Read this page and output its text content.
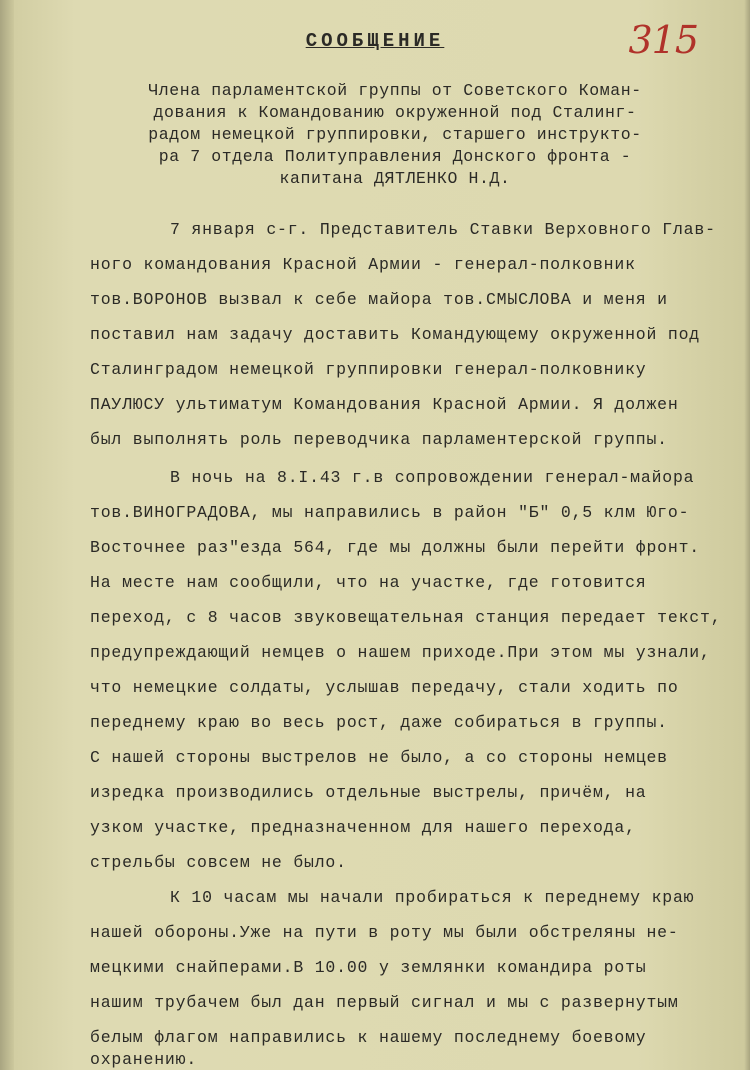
315
СООБЩЕНИЕ
Члена парламентской группы от Советского Коман-
дования к Командованию окруженной под Сталинг-
радом немецкой группировки, старшего инструкто-
ра 7 отдела Политуправления Донского фронта -
капитана ДЯТЛЕНКО Н.Д.
7 января с-г. Представитель Ставки Верховного Глав-
ного командования Красной Армии - генерал-полковник
тов.ВОРОНОВ вызвал к себе майора тов.СМЫСЛОВА и меня и
поставил нам задачу доставить Командующему окруженной под
Сталинградом немецкой группировки генерал-полковнику
ПАУЛЮСУ ультиматум Командования Красной Армии. Я должен
был выполнять роль переводчика парламентерской группы.
В ночь на 8.I.43 г.в сопровождении генерал-майора
тов.ВИНОГРАДОВА, мы направились в район "Б" 0,5 клм Юго-
Восточнее раз"езда 564, где мы должны были перейти фронт.
На месте нам сообщили, что на участке, где готовится
переход, с 8 часов звуковещательная станция передает текст,
предупреждающий немцев о нашем приходе.При этом мы узнали,
что немецкие солдаты, услышав передачу, стали ходить по
переднему краю во весь рост, даже собираться в группы.
С нашей стороны выстрелов не было, а со стороны немцев
изредка производились отдельные выстрелы, причём, на
узком участке, предназначенном для нашего перехода,
стрельбы совсем не было.
К 10 часам мы начали пробираться к переднему краю
нашей обороны.Уже на пути в роту мы были обстреляны не-
мецкими снайперами.В 10.00 у землянки командира роты
нашим трубачем был дан первый сигнал и мы с развернутым
белым флагом направились к нашему последнему боевому
охранению.
